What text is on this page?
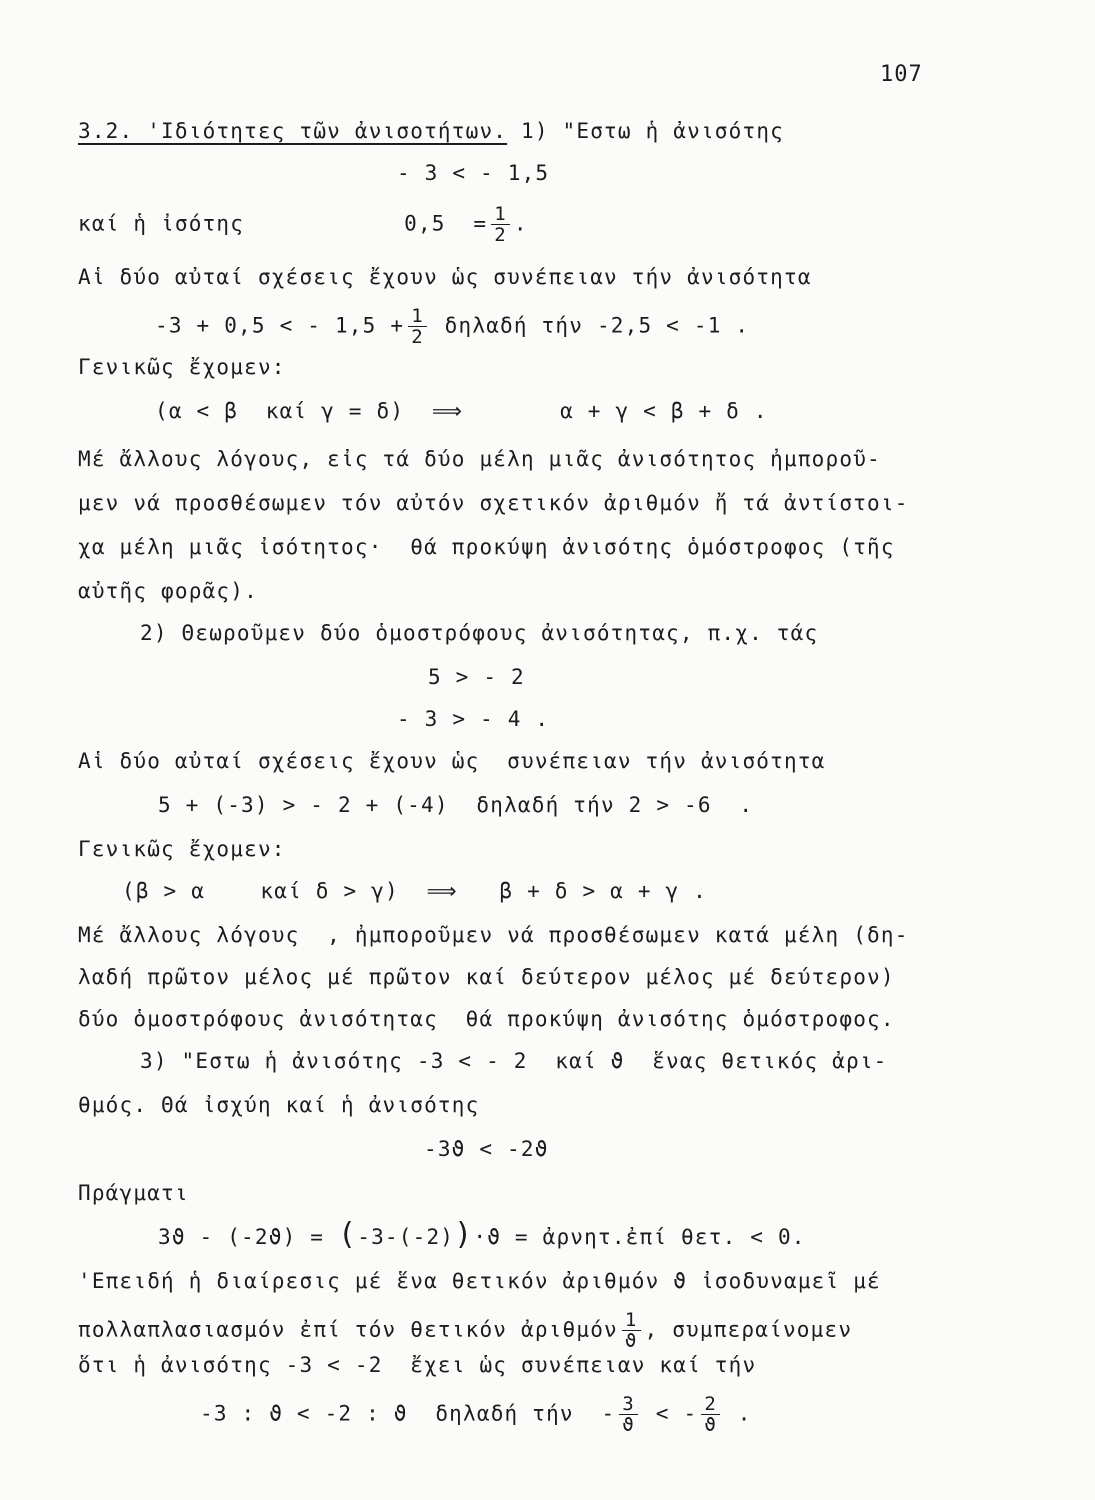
107
3.2. 'Ιδιότητες τῶν ἀνισοτήτων. 1) "Εστω ἡ ἀνισότης
- 3 < - 1,5
καί ἡ ἰσότης	$0,5 = \frac{1}{2}$ .
Αἱ δύο αὐταί σχέσεις ἔχουν ὡς συνέπειαν τήν ἀνισότητα
-3 + 0,5 < - $1,5 + \frac{1}{2}$ δηλαδή τήν -2,5 < -1 .
Γενικῶς ἔχομεν:
(α < β  καί γ = δ)  ⟹       α + γ < β + δ .
Μέ ἄλλους λόγους, εἰς τά δύο μέλη μιᾶς ἀνισότητος ἠμποροῦ-
μεν νά προσθέσωμεν τόν αὐτόν σχετικόν ἀριθμόν ἤ τά ἀντίστοι-
χα μέλη μιᾶς ἰσότητος·  θά προκύψη ἀνισότης ὁμόστροφος (τῆς
αὐτῆς φορᾶς).
2) Θεωροῦμεν δύο ὁμοστρόφους ἀνισότητας, π.χ. τάς
5 > - 2
- 3 > - 4 .
Αἱ δύο αὐταί σχέσεις ἔχουν ὡς  συνέπειαν τήν ἀνισότητα
5 + (-3) > - 2 + (-4)  δηλαδή τήν 2 > -6  .
Γενικῶς ἔχομεν:
(β > α    καί δ > γ)  ⟹   β + δ > α + γ .
Μέ ἄλλους λόγους  , ἠμποροῦμεν νά προσθέσωμεν κατά μέλη (δη-
λαδή πρῶτον μέλος μέ πρῶτον καί δεύτερον μέλος μέ δεύτερον)
δύο ὁμοστρόφους ἀνισότητας  θά προκύψη ἀνισότης ὁμόστροφος.
3) "Εστω ἡ ἀνισότης -3 < - 2  καί ϑ  ἕνας θετικός ἀρι-
θμός. Θά ἰσχύη καί ἡ ἀνισότης
-3ϑ < -2ϑ
Πράγματι
3ϑ - (-2ϑ) = (-3-(-2))·ϑ = ἀρνητ.ἐπί θετ. < 0.
'Επειδή ἡ διαίρεσις μέ ἕνα θετικόν ἀριθμόν ϑ ἰσοδυναμεῖ μέ
πολλαπλασιασμόν ἐπί τόν θετικόν ἀριθμόν $\frac{1}{ϑ}$ , συμπεραίνομεν
ὅτι ἡ ἀνισότης -3 < -2  ἔχει ὡς συνέπειαν καί τήν
-3 : ϑ < -2 : ϑ  δηλαδή τήν  - $\frac{3}{ϑ}$ < - $\frac{2}{ϑ}$ .
